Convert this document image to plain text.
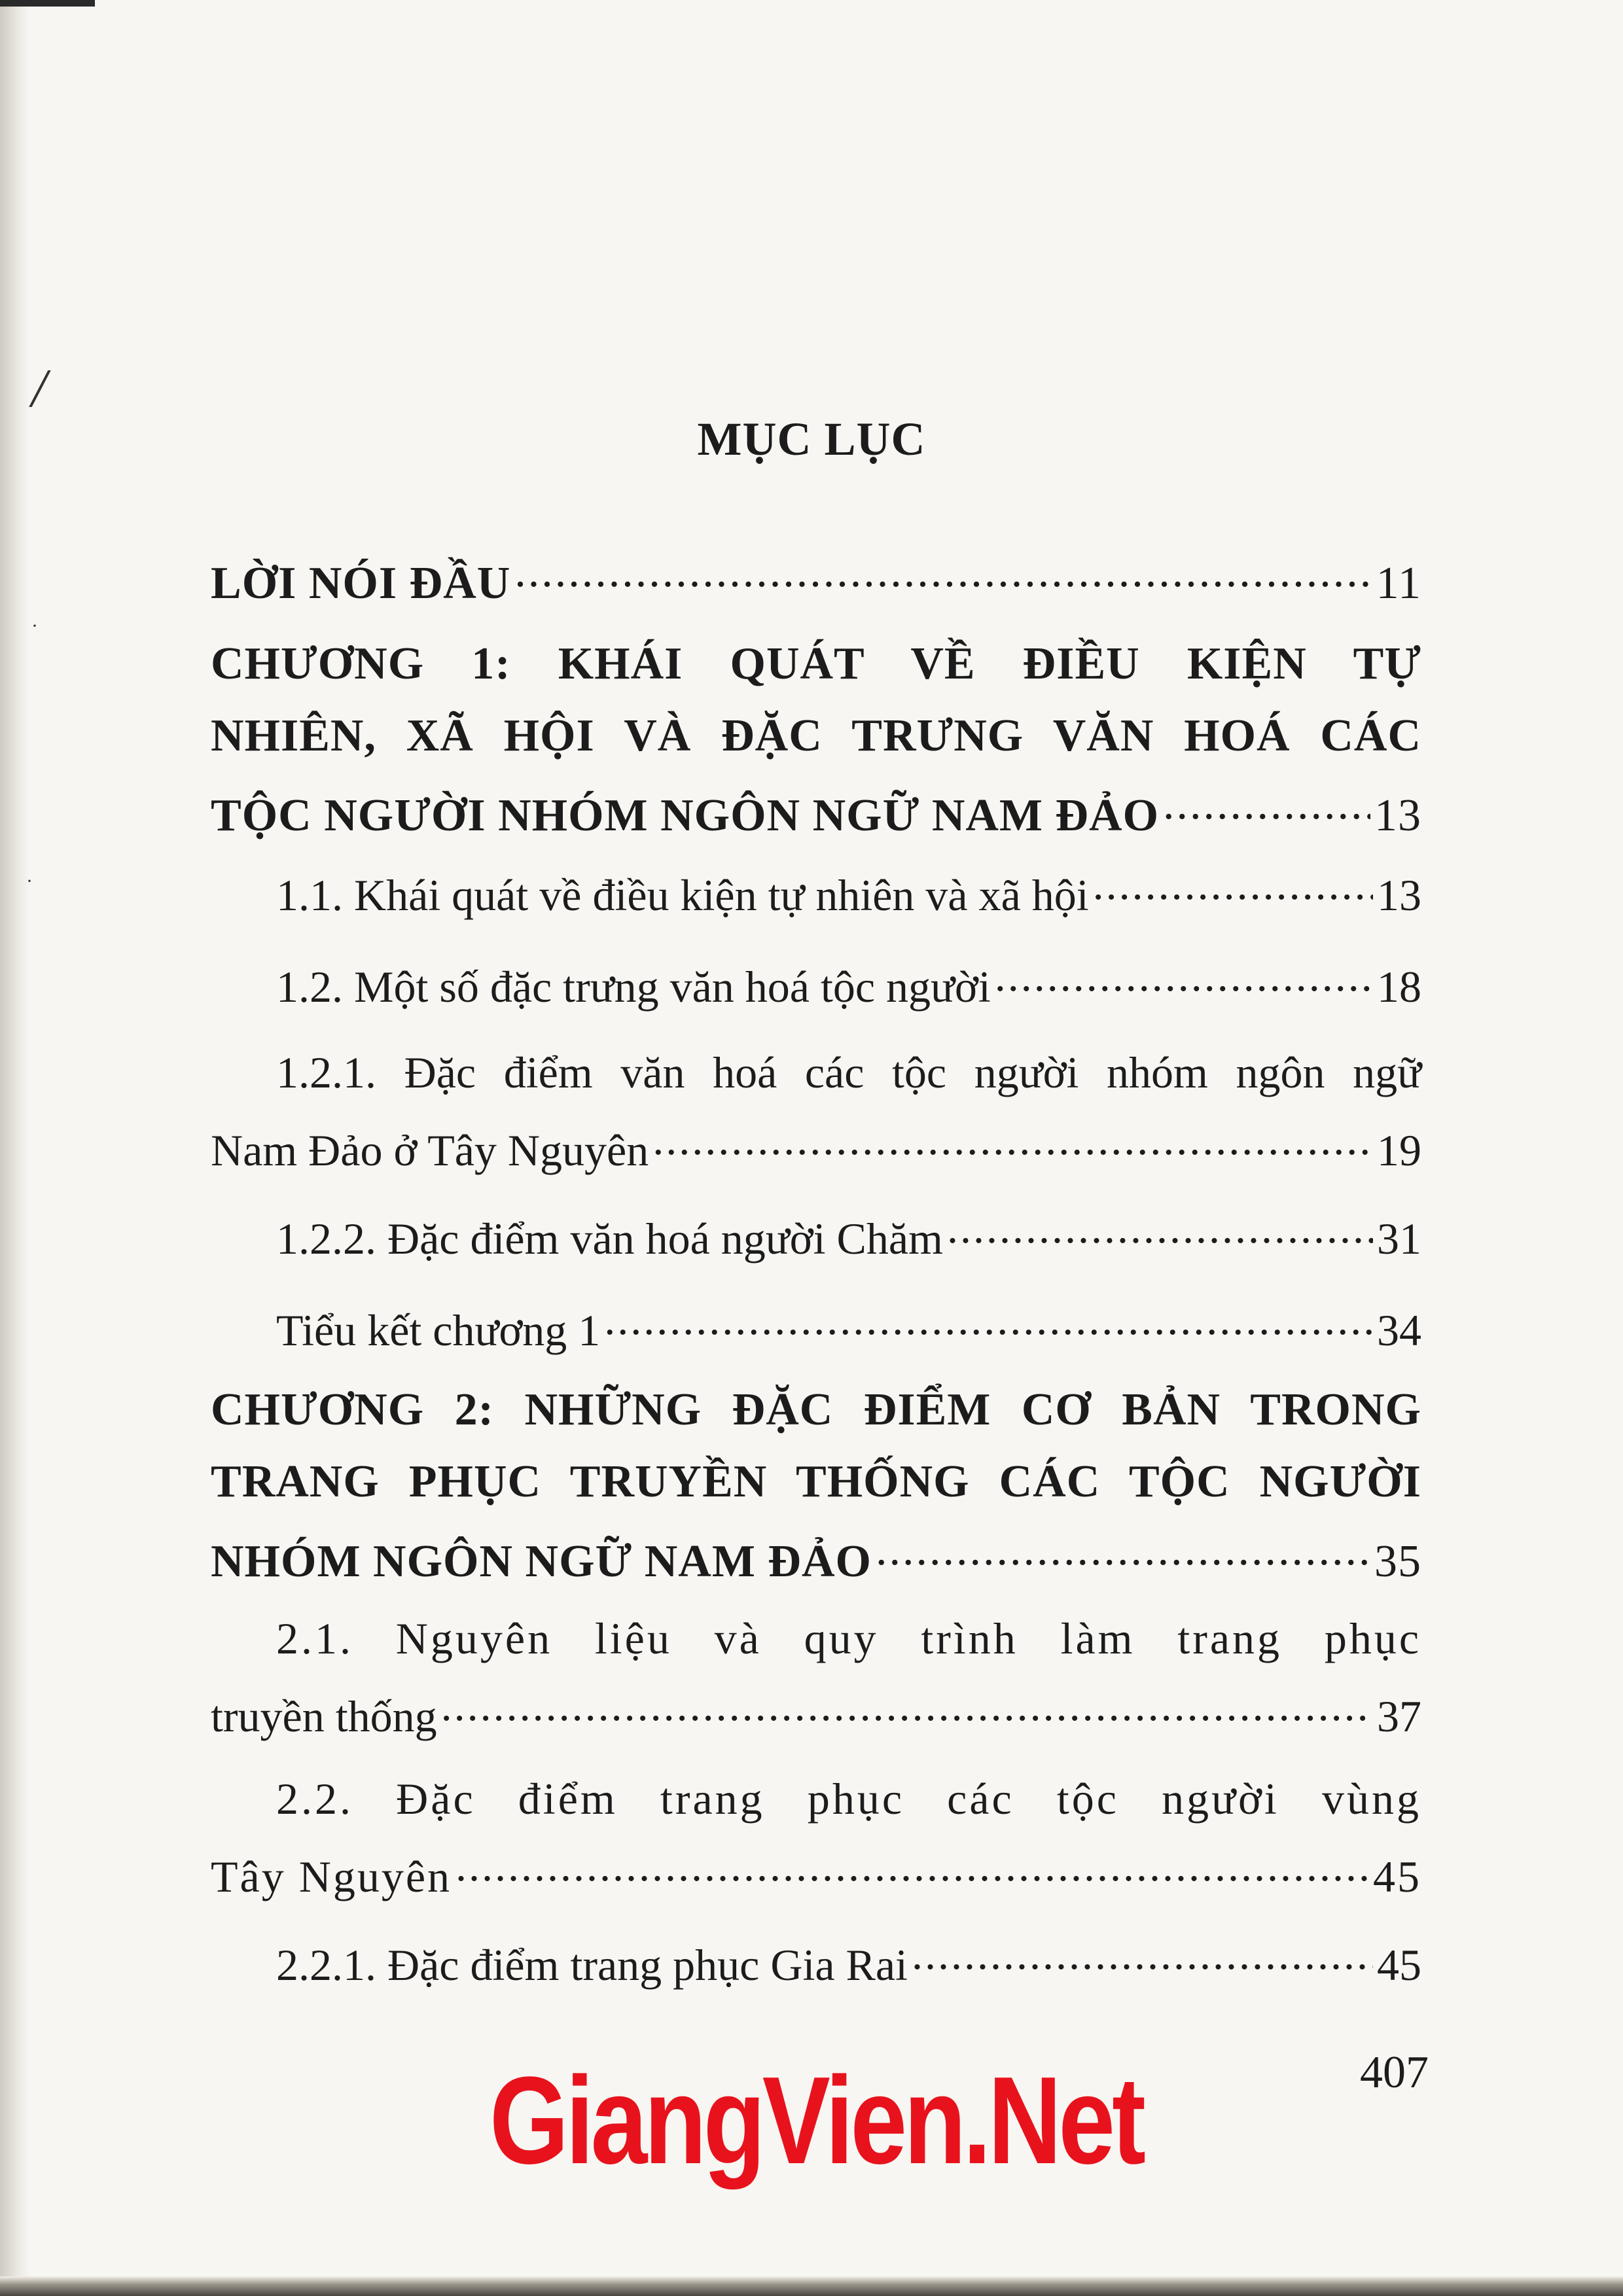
/
·
·
MỤC LỤC
LỜI NÓI ĐẦU .....	11
CHƯƠNG 1: KHÁI QUÁT VỀ ĐIỀU KIỆN TỰ
NHIÊN, XÃ HỘI VÀ ĐẶC TRƯNG VĂN HOÁ CÁC
TỘC NGƯỜI NHÓM NGÔN NGỮ NAM ĐẢO .....	13
1.1. Khái quát về điều kiện tự nhiên và xã hội .....	13
1.2. Một số đặc trưng văn hoá tộc người .....	18
1.2.1. Đặc điểm văn hoá các tộc người nhóm ngôn ngữ
Nam Đảo ở Tây Nguyên .....	19
1.2.2. Đặc điểm văn hoá người Chăm .....	31
Tiểu kết chương 1 .....	34
CHƯƠNG 2: NHỮNG ĐẶC ĐIỂM CƠ BẢN TRONG
TRANG PHỤC TRUYỀN THỐNG CÁC TỘC NGƯỜI
NHÓM NGÔN NGỮ NAM ĐẢO .....	35
2.1. Nguyên liệu và quy trình làm trang phục
truyền thống .....	37
2.2. Đặc điểm trang phục các tộc người vùng
Tây Nguyên .....	45
2.2.1. Đặc điểm trang phục Gia Rai .....	45
GiangVien.Net	407
